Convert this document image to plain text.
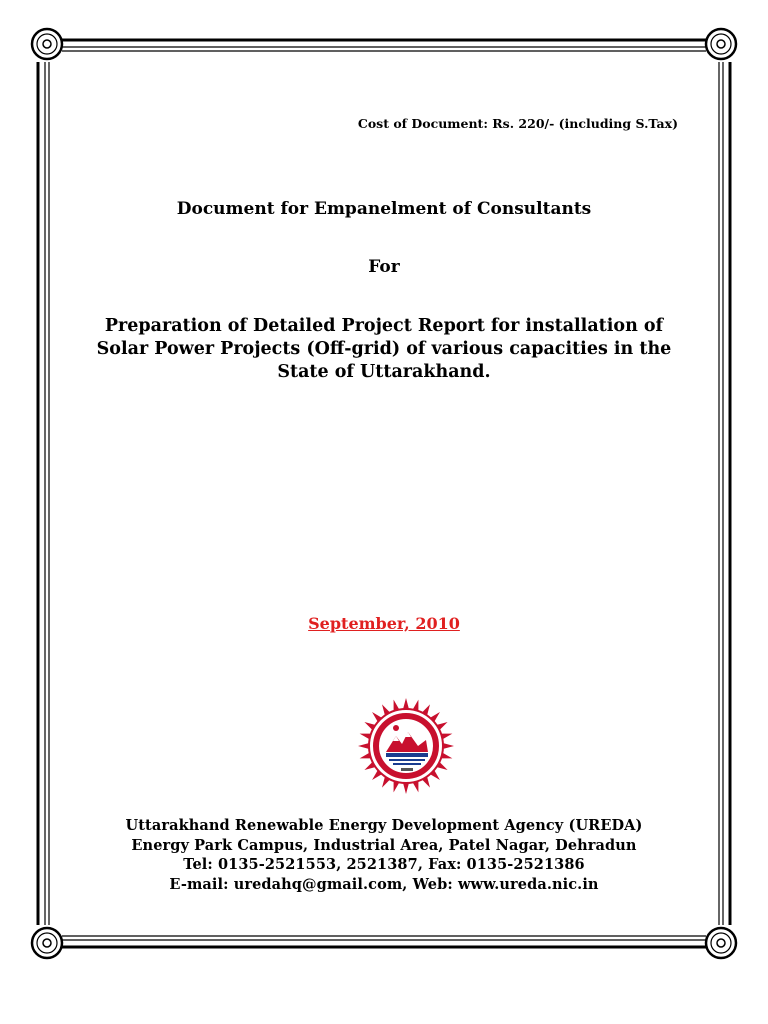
Cost of Document: Rs. 220/- (including S.Tax)
Document for Empanelment of Consultants
For
Preparation of Detailed Project Report for installation of
Solar Power Projects (Off-grid) of various capacities in the
State of Uttarakhand.
September, 2010
Uttarakhand Renewable Energy Development Agency (UREDA)
Energy Park Campus, Industrial Area, Patel Nagar, Dehradun
Tel: 0135-2521553, 2521387, Fax: 0135-2521386
E-mail: uredahq@gmail.com, Web: www.ureda.nic.in
